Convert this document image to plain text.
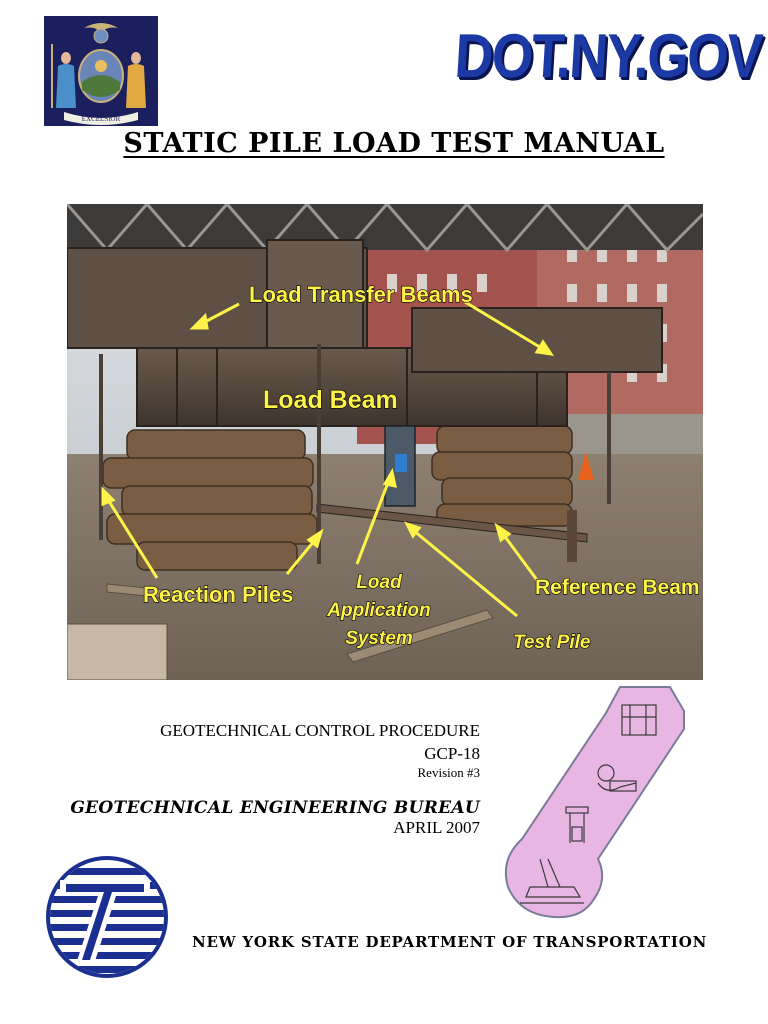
EXCELSIOR
DOT.NY.GOV
STATIC PILE LOAD TEST MANUAL
Load Transfer Beams
Load Beam
Reaction Piles	Load
Application
System
Reference Beam
Test Pile
GEOTECHNICAL CONTROL PROCEDURE
GCP-18
Revision #3
GEOTECHNICAL ENGINEERING BUREAU
APRIL 2007
NEW YORK STATE DEPARTMENT OF TRANSPORTATION
